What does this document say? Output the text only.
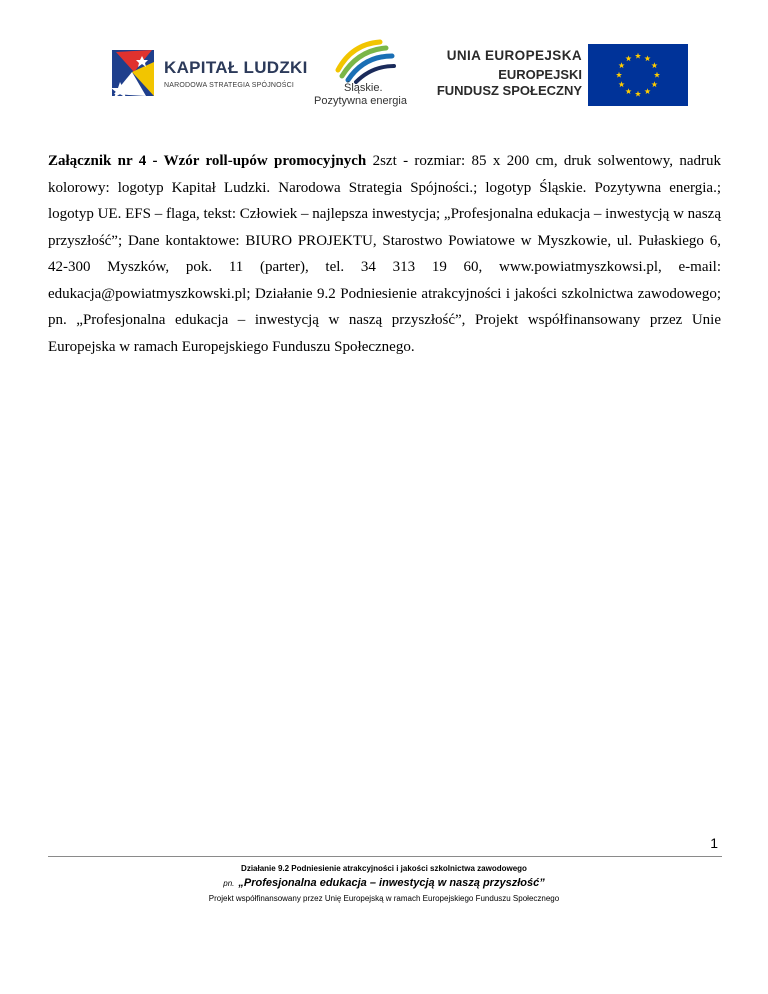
KAPITAŁ LUDZKI
NARODOWA STRATEGIA SPÓJNOŚCI	Śląskie.
Pozytywna energia
UNIA EUROPEJSKA
EUROPEJSKI
FUNDUSZ SPOŁECZNY
Załącznik nr 4 - Wzór roll-upów promocyjnych 2szt - rozmiar: 85 x 200 cm, druk solwentowy, nadruk kolorowy: logotyp Kapitał Ludzki. Narodowa Strategia Spójności.; logotyp Śląskie. Pozytywna energia.; logotyp UE. EFS – flaga, tekst: Człowiek – najlepsza inwestycja; „Profesjonalna edukacja – inwestycją w naszą przyszłość”; Dane kontaktowe: BIURO PROJEKTU, Starostwo Powiatowe w Myszkowie, ul. Pułaskiego 6, 42-300 Myszków, pok. 11 (parter), tel. 34 313 19 60, www.powiatmyszkowsi.pl, e-mail: edukacja@powiatmyszkowski.pl; Działanie 9.2 Podniesienie atrakcyjności i jakości szkolnictwa zawodowego; pn. „Profesjonalna edukacja – inwestycją w naszą przyszłość”, Projekt współfinansowany przez Unie Europejska w ramach Europejskiego Funduszu Społecznego.
1
Działanie 9.2 Podniesienie atrakcyjności i jakości szkolnictwa zawodowego
pn. „Profesjonalna edukacja – inwestycją w naszą przyszłość”
Projekt współfinansowany przez Unię Europejską w ramach Europejskiego Funduszu Społecznego
